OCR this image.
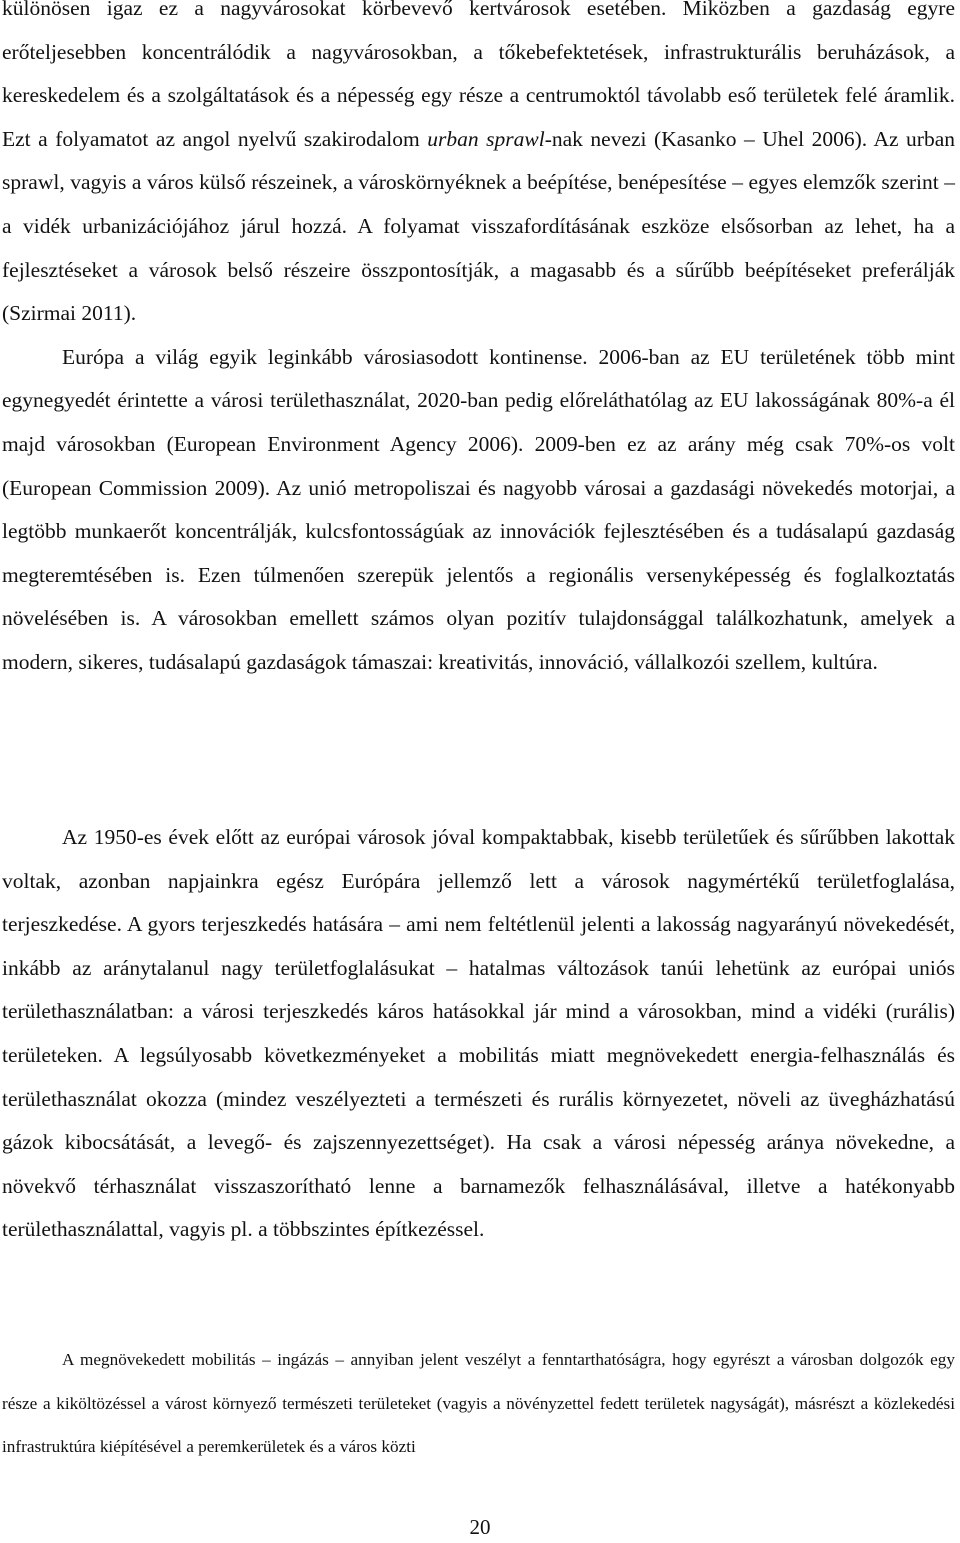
különösen igaz ez a nagyvárosokat körbevevő kertvárosok esetében. Miközben a gazdaság egyre erőteljesebben koncentrálódik a nagyvárosokban, a tőkebefektetések, infrastrukturális beruházások, a kereskedelem és a szolgáltatások és a népesség egy része a centrumoktól távolabb eső területek felé áramlik. Ezt a folyamatot az angol nyelvű szakirodalom urban sprawl-nak nevezi (Kasanko – Uhel 2006). Az urban sprawl, vagyis a város külső részeinek, a városkörnyéknek a beépítése, benépesítése – egyes elemzők szerint – a vidék urbanizációjához járul hozzá. A folyamat visszafordításának eszköze elsősorban az lehet, ha a fejlesztéseket a városok belső részeire összpontosítják, a magasabb és a sűrűbb beépítéseket preferálják (Szirmai 2011).

Európa a világ egyik leginkább városiasodott kontinense. 2006-ban az EU területének több mint egynegyedét érintette a városi területhasználat, 2020-ban pedig előreláthatólag az EU lakosságának 80%-a él majd városokban (European Environment Agency 2006). 2009-ben ez az arány még csak 70%-os volt (European Commission 2009). Az unió metropoliszai és nagyobb városai a gazdasági növekedés motorjai, a legtöbb munkaerőt koncentrálják, kulcsfontosságúak az innovációk fejlesztésében és a tudásalapú gazdaság megteremtésében is. Ezen túlmenően szerepük jelentős a regionális versenyképesség és foglalkoztatás növelésében is. A városokban emellett számos olyan pozitív tulajdonsággal találkozhatunk, amelyek a modern, sikeres, tudásalapú gazdaságok támaszai: kreativitás, innováció, vállalkozói szellem, kultúra.

Az 1950-es évek előtt az európai városok jóval kompaktabbak, kisebb területűek és sűrűbben lakottak voltak, azonban napjainkra egész Európára jellemző lett a városok nagymértékű területfoglalása, terjeszkedése. A gyors terjeszkedés hatására – ami nem feltétlenül jelenti a lakosság nagyarányú növekedését, inkább az aránytalanul nagy területfoglalásukat – hatalmas változások tanúi lehetünk az európai uniós területhasználatban: a városi terjeszkedés káros hatásokkal jár mind a városokban, mind a vidéki (rurális) területeken. A legsúlyosabb következményeket a mobilitás miatt megnövekedett energia-felhasználás és területhasználat okozza (mindez veszélyezteti a természeti és rurális környezetet, növeli az üvegházhatású gázok kibocsátását, a levegő- és zajszennyezettséget). Ha csak a városi népesség aránya növekedne, a növekvő térhasználat visszaszorítható lenne a barnamezők felhasználásával, illetve a hatékonyabb területhasználattal, vagyis pl. a többszintes építkezéssel.

A megnövekedett mobilitás – ingázás – annyiban jelent veszélyt a fenntarthatóságra, hogy egyrészt a városban dolgozók egy része a kiköltözéssel a várost környező természeti területeket (vagyis a növényzettel fedett területek nagyságát), másrészt a közlekedési infrastruktúra kiépítésével a peremkerületek és a város közti

20
